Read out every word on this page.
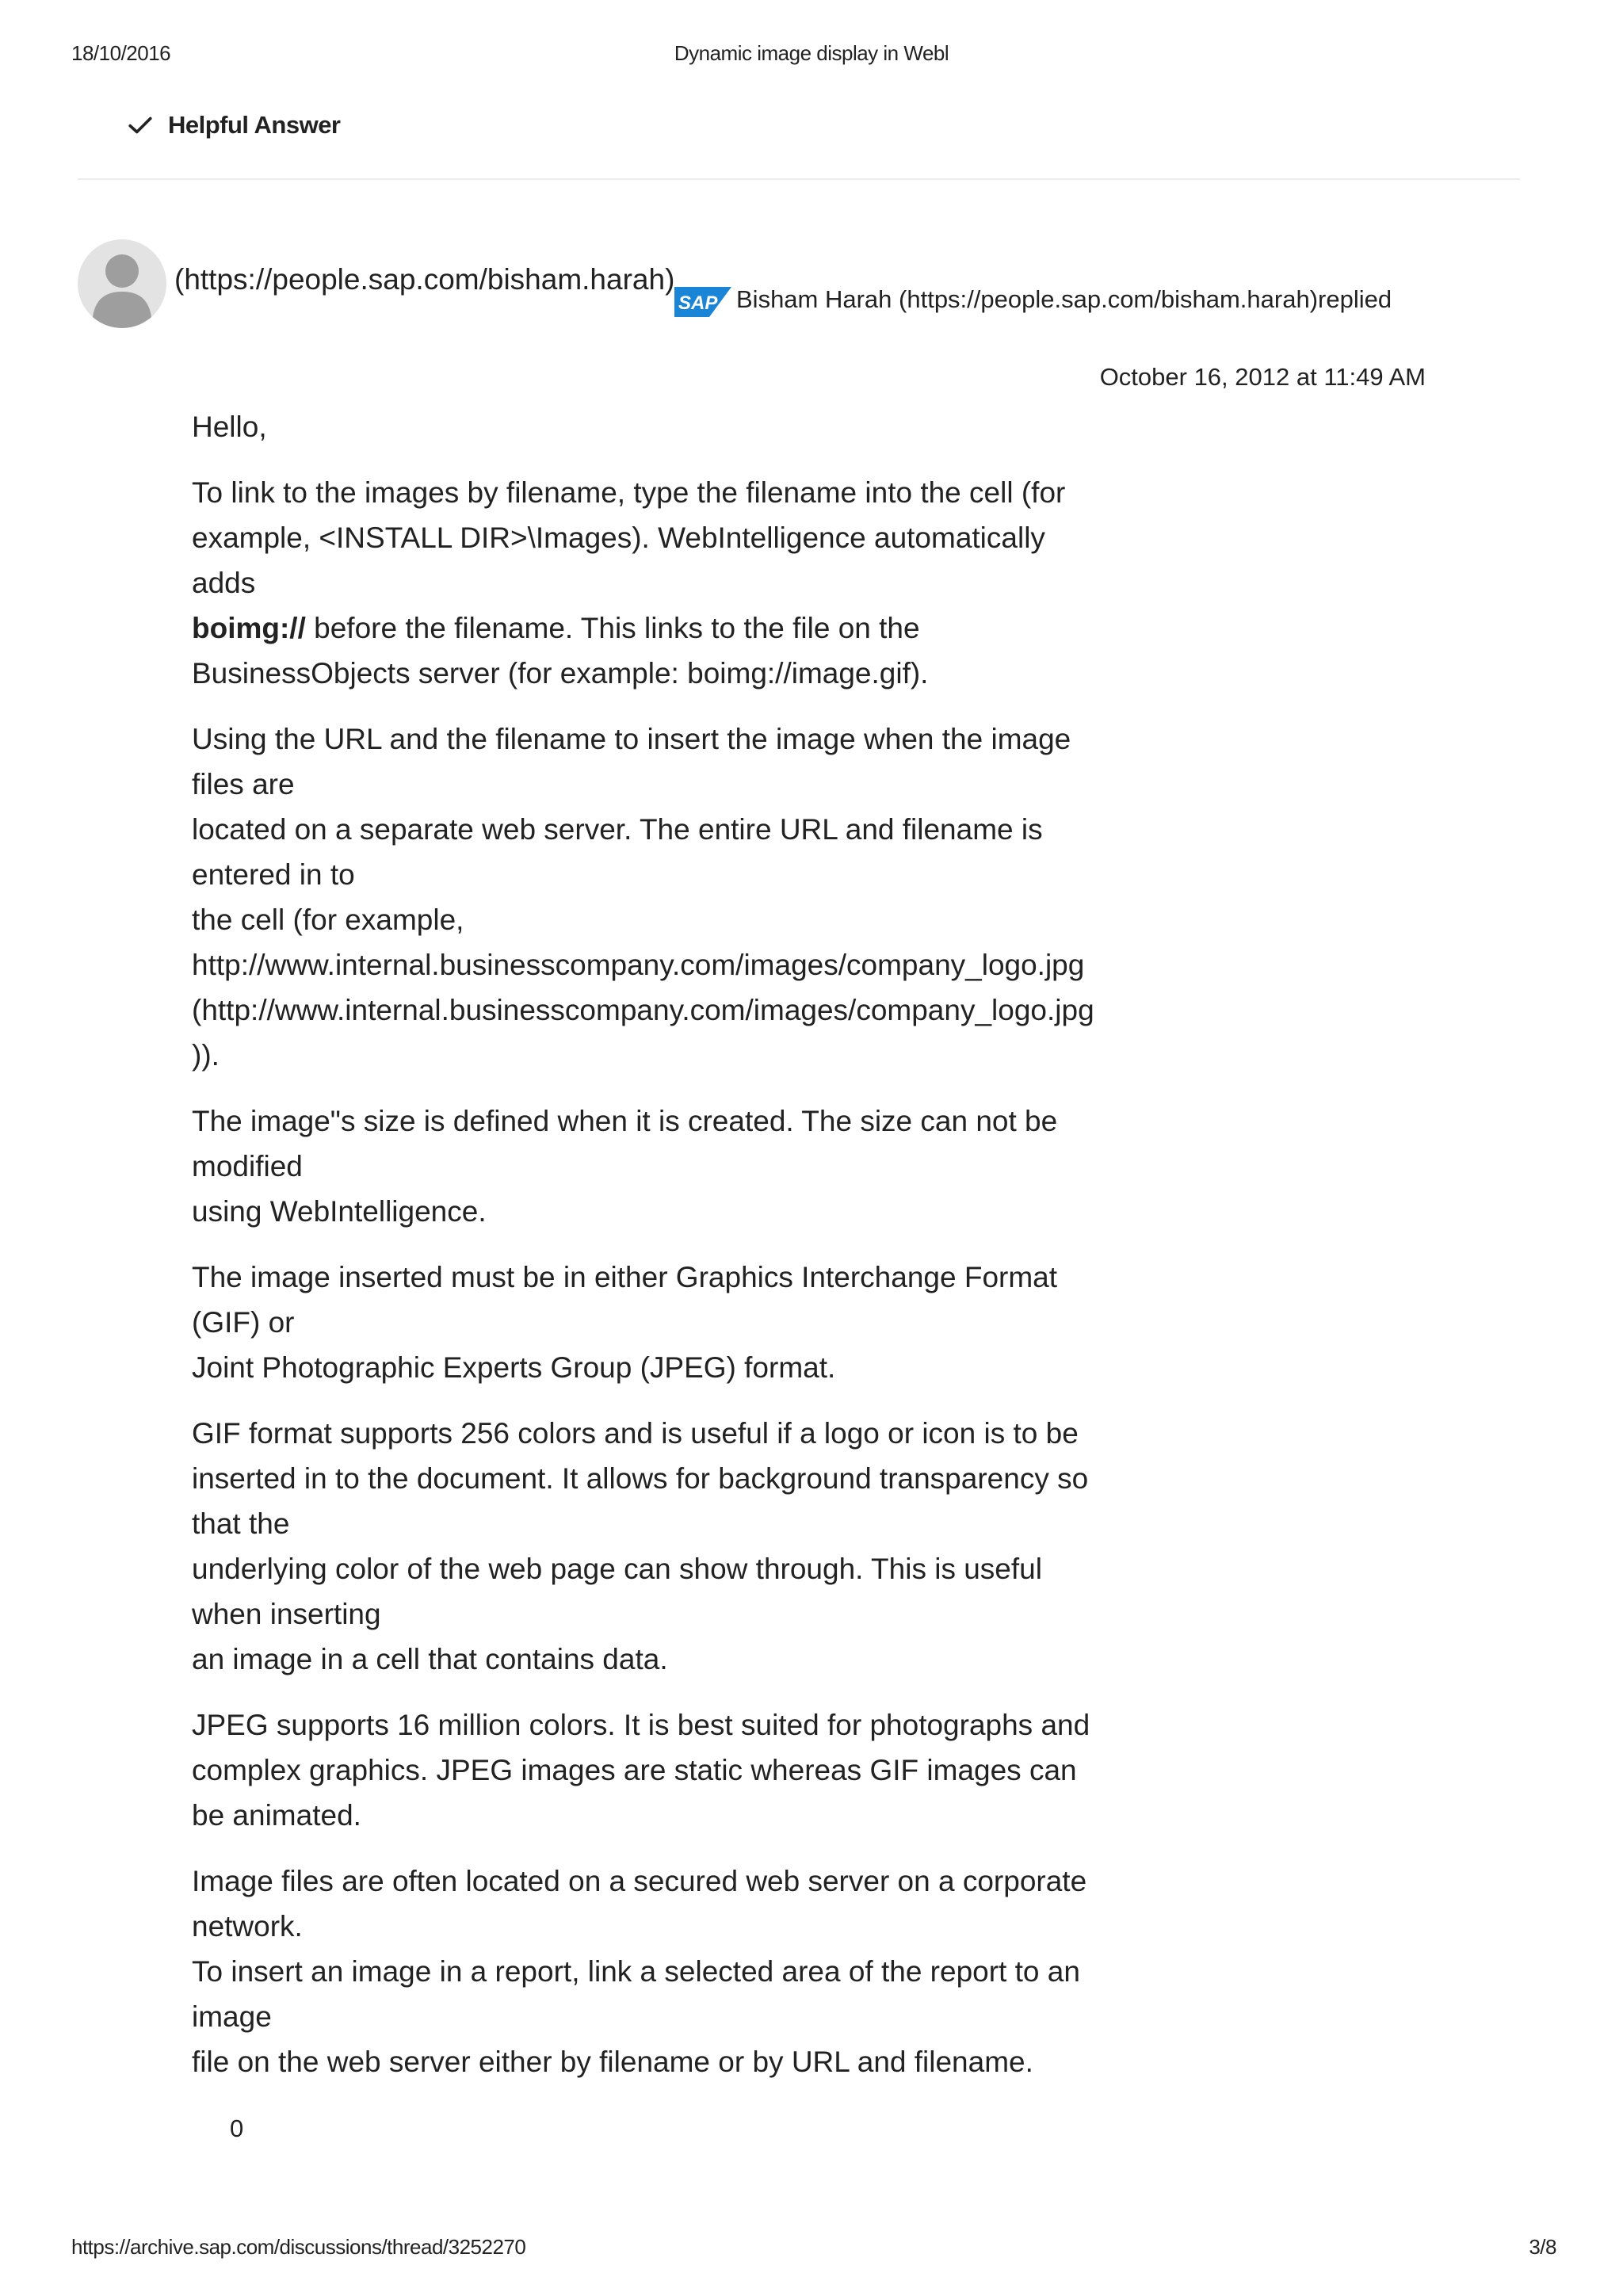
18/10/2016	Dynamic image display in Webl
Helpful Answer
(https://people.sap.com/bisham.harah)
SAP Bisham Harah (https://people.sap.com/bisham.harah)replied
October 16, 2012 at 11:49 AM

Hello,

To link to the images by filename, type the filename into the cell (for
example, <INSTALL DIR>\Images). WebIntelligence automatically
adds
boimg:// before the filename. This links to the file on the
BusinessObjects server (for example: boimg://image.gif).

Using the URL and the filename to insert the image when the image
files are
located on a separate web server. The entire URL and filename is
entered in to
the cell (for example,
http://www.internal.businesscompany.com/images/company_logo.jpg
(http://www.internal.businesscompany.com/images/company_logo.jpg
)).

The image"s size is defined when it is created. The size can not be
modified
using WebIntelligence.

The image inserted must be in either Graphics Interchange Format
(GIF) or
Joint Photographic Experts Group (JPEG) format.

GIF format supports 256 colors and is useful if a logo or icon is to be
inserted in to the document. It allows for background transparency so
that the
underlying color of the web page can show through. This is useful
when inserting
an image in a cell that contains data.

JPEG supports 16 million colors. It is best suited for photographs and
complex graphics. JPEG images are static whereas GIF images can
be animated.

Image files are often located on a secured web server on a corporate
network.
To insert an image in a report, link a selected area of the report to an
image
file on the web server either by filename or by URL and filename.

0
https://archive.sap.com/discussions/thread/3252270	3/8
